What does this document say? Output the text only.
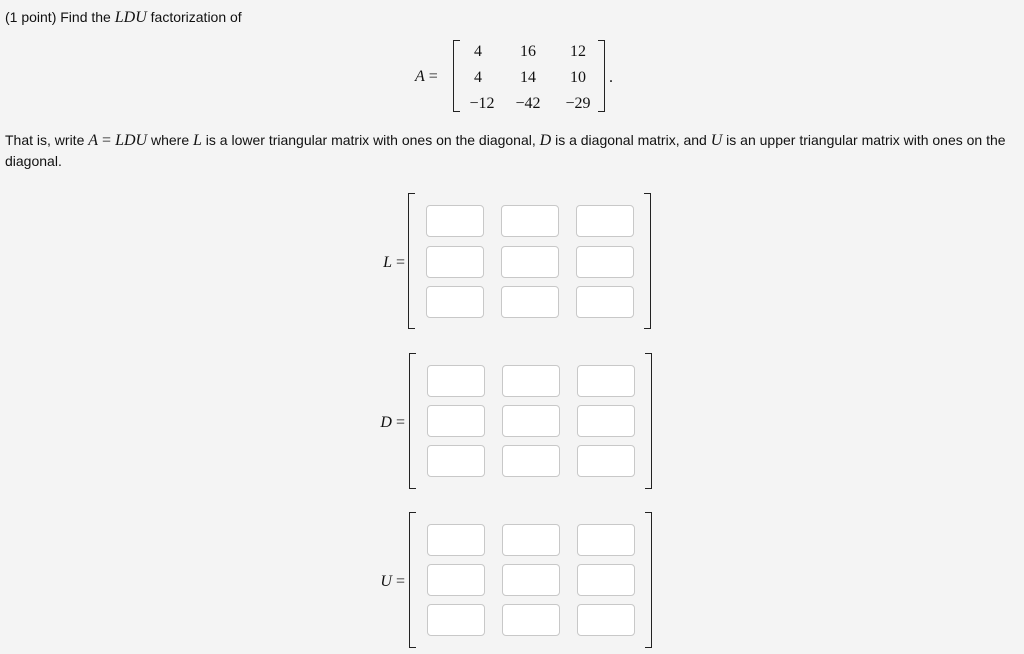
(1 point) Find the LDU factorization of
A =
4	16	12
4	14	10
−12	−42	−29
.
That is, write A = LDU where L is a lower triangular matrix with ones on the diagonal, D is a diagonal matrix, and U is an upper triangular matrix with ones on the diagonal.
L =
D =
U =
